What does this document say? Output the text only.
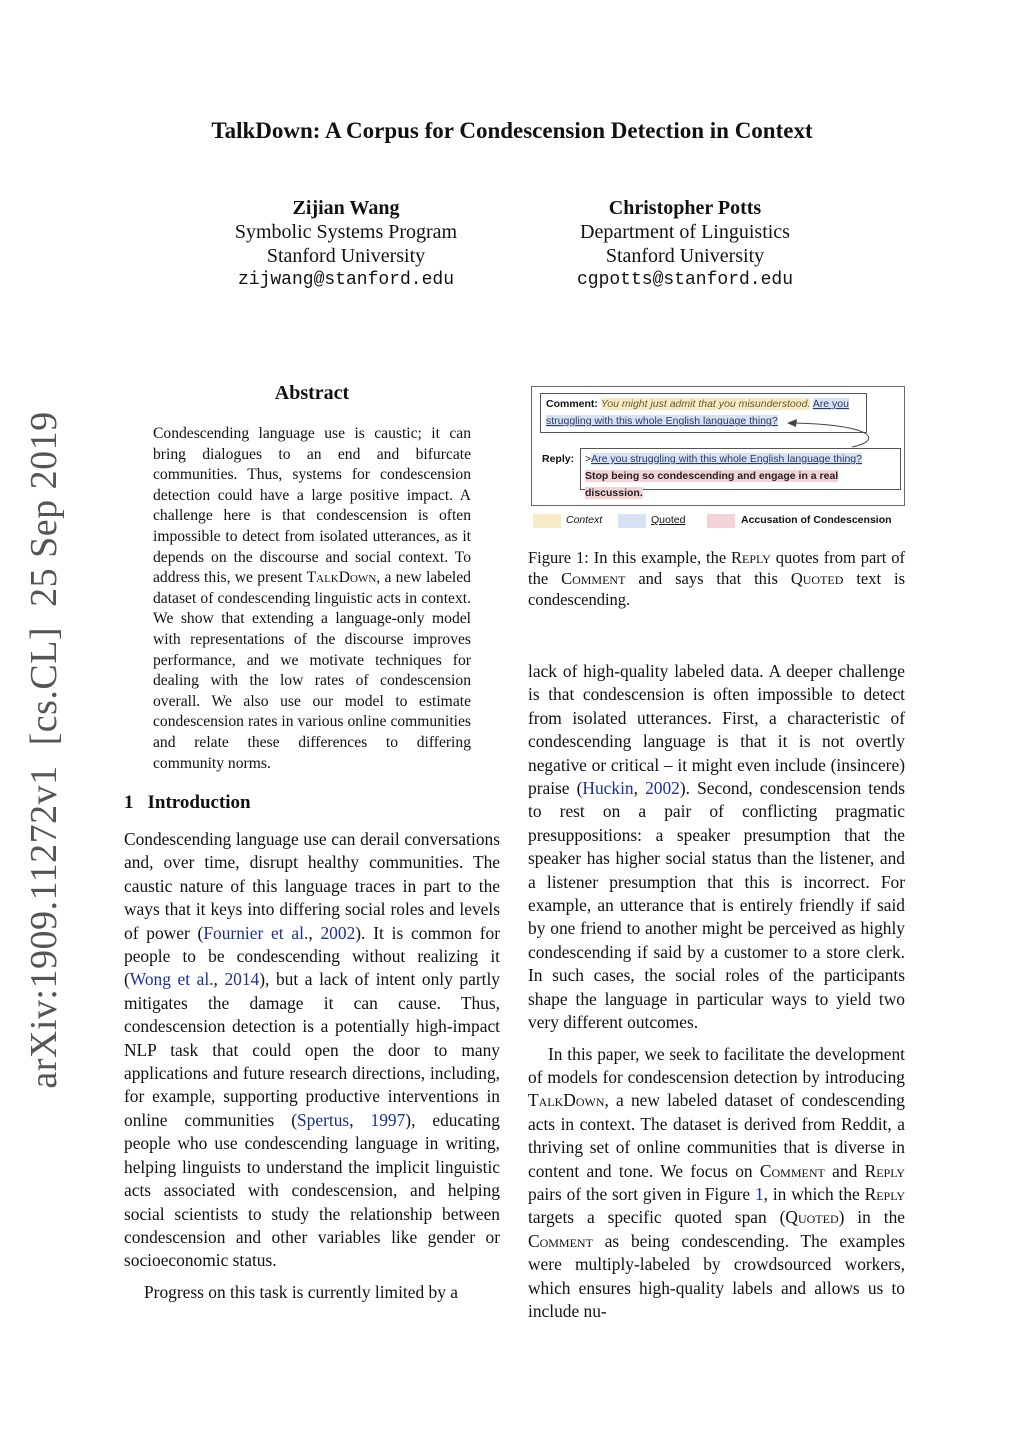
TalkDown: A Corpus for Condescension Detection in Context
Zijian Wang
Symbolic Systems Program
Stanford University
zijwang@stanford.edu
Christopher Potts
Department of Linguistics
Stanford University
cgpotts@stanford.edu
arXiv:1909.11272v1  [cs.CL]  25 Sep 2019
Abstract
Condescending language use is caustic; it can bring dialogues to an end and bifurcate communities. Thus, systems for condescension detection could have a large positive impact. A challenge here is that condescension is often impossible to detect from isolated utterances, as it depends on the discourse and social context. To address this, we present TalkDown, a new labeled dataset of condescending linguistic acts in context. We show that extending a language-only model with representations of the discourse improves performance, and we motivate techniques for dealing with the low rates of condescension overall. We also use our model to estimate condescension rates in various online communities and relate these differences to differing community norms.
1 Introduction

Condescending language use can derail conversations and, over time, disrupt healthy communities. The caustic nature of this language traces in part to the ways that it keys into differing social roles and levels of power (Fournier et al., 2002). It is common for people to be condescending without realizing it (Wong et al., 2014), but a lack of intent only partly mitigates the damage it can cause. Thus, condescension detection is a potentially high-impact NLP task that could open the door to many applications and future research directions, including, for example, supporting productive interventions in online communities (Spertus, 1997), educating people who use condescending language in writing, helping linguists to understand the implicit linguistic acts associated with condescension, and helping social scientists to study the relationship between condescension and other variables like gender or socioeconomic status.

Progress on this task is currently limited by a

Comment: You might just admit that you misunderstood. Are you
struggling with this whole English language thing?
Reply: >Are you struggling with this whole English language thing?
Stop being so condescending and engage in a real discussion.
Context	Quoted	Accusation of Condescension
Figure 1: In this example, the Reply quotes from part of the Comment and says that this Quoted text is condescending.

lack of high-quality labeled data. A deeper challenge is that condescension is often impossible to detect from isolated utterances. First, a characteristic of condescending language is that it is not overtly negative or critical – it might even include (insincere) praise (Huckin, 2002). Second, condescension tends to rest on a pair of conflicting pragmatic presuppositions: a speaker presumption that the speaker has higher social status than the listener, and a listener presumption that this is incorrect. For example, an utterance that is entirely friendly if said by one friend to another might be perceived as highly condescending if said by a customer to a store clerk. In such cases, the social roles of the participants shape the language in particular ways to yield two very different outcomes.

In this paper, we seek to facilitate the development of models for condescension detection by introducing TalkDown, a new labeled dataset of condescending acts in context. The dataset is derived from Reddit, a thriving set of online communities that is diverse in content and tone. We focus on Comment and Reply pairs of the sort given in Figure 1, in which the Reply targets a specific quoted span (Quoted) in the Comment as being condescending. The examples were multiply-labeled by crowdsourced workers, which ensures high-quality labels and allows us to include nu-
